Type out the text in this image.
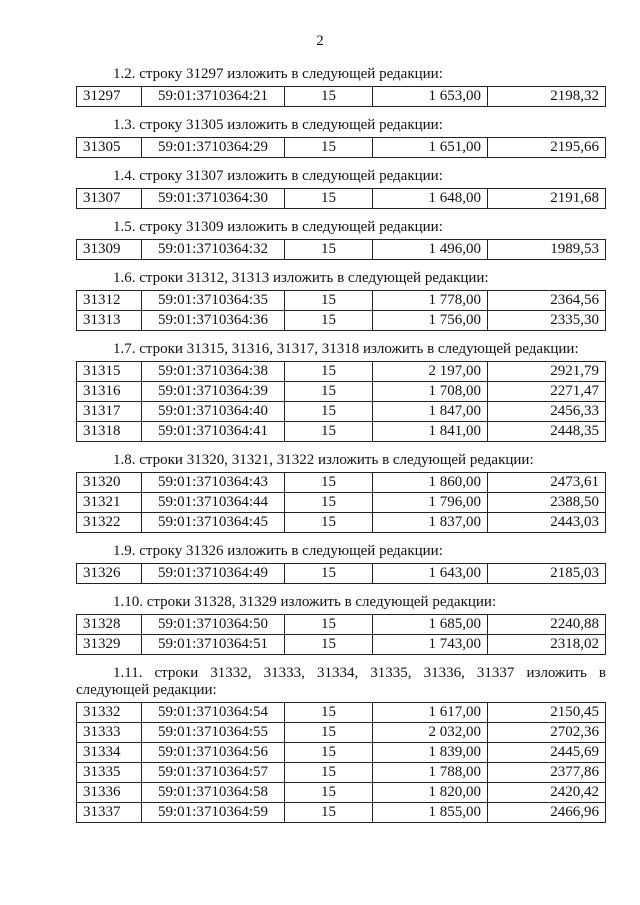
2

1.2. строку 31297 изложить в следующей редакции:

31297	59:01:3710364:21	15	1 653,00	2198,32

1.3. строку 31305 изложить в следующей редакции:

31305	59:01:3710364:29	15	1 651,00	2195,66

1.4. строку 31307 изложить в следующей редакции:

31307	59:01:3710364:30	15	1 648,00	2191,68

1.5. строку 31309 изложить в следующей редакции:

31309	59:01:3710364:32	15	1 496,00	1989,53

1.6. строки 31312, 31313 изложить в следующей редакции:

31312	59:01:3710364:35	15	1 778,00	2364,56
31313	59:01:3710364:36	15	1 756,00	2335,30

1.7. строки 31315, 31316, 31317, 31318 изложить в следующей редакции:

31315	59:01:3710364:38	15	2 197,00	2921,79
31316	59:01:3710364:39	15	1 708,00	2271,47
31317	59:01:3710364:40	15	1 847,00	2456,33
31318	59:01:3710364:41	15	1 841,00	2448,35

1.8. строки 31320, 31321, 31322 изложить в следующей редакции:

31320	59:01:3710364:43	15	1 860,00	2473,61
31321	59:01:3710364:44	15	1 796,00	2388,50
31322	59:01:3710364:45	15	1 837,00	2443,03

1.9. строку 31326 изложить в следующей редакции:

31326	59:01:3710364:49	15	1 643,00	2185,03

1.10. строки 31328, 31329 изложить в следующей редакции:

31328	59:01:3710364:50	15	1 685,00	2240,88
31329	59:01:3710364:51	15	1 743,00	2318,02

1.11. строки 31332, 31333, 31334, 31335, 31336, 31337 изложить в следующей редакции:

31332	59:01:3710364:54	15	1 617,00	2150,45
31333	59:01:3710364:55	15	2 032,00	2702,36
31334	59:01:3710364:56	15	1 839,00	2445,69
31335	59:01:3710364:57	15	1 788,00	2377,86
31336	59:01:3710364:58	15	1 820,00	2420,42
31337	59:01:3710364:59	15	1 855,00	2466,96
